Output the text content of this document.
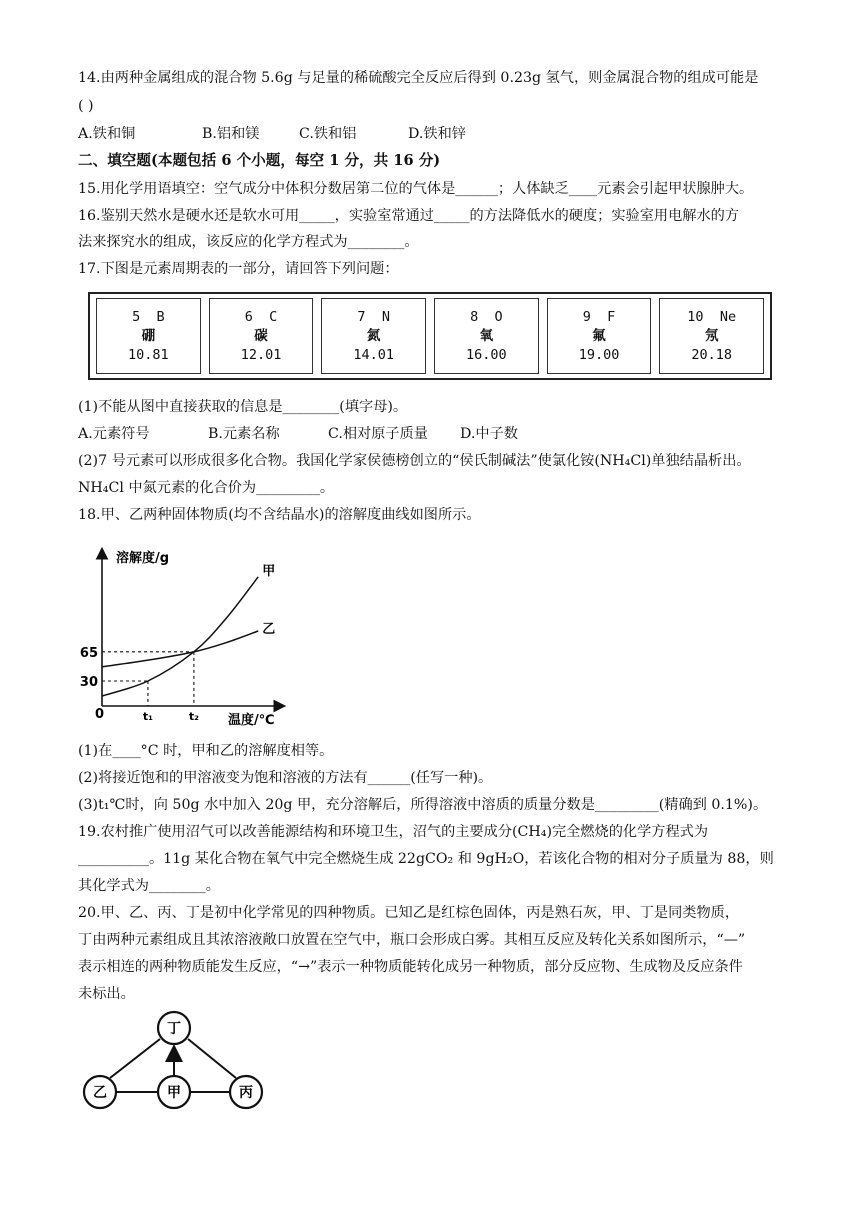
14.由两种金属组成的混合物 5.6g 与足量的稀硫酸完全反应后得到 0.23g 氢气，则金属混合物的组成可能是
( )
A.铁和铜	B.铝和镁	C.铁和铝	D.铁和锌
二、填空题(本题包括 6 个小题，每空 1 分，共 16 分)
15.用化学用语填空：空气成分中体积分数居第二位的气体是______；人体缺乏____元素会引起甲状腺肿大。
16.鉴别天然水是硬水还是软水可用_____，实验室常通过_____的方法降低水的硬度；实验室用电解水的方
法来探究水的组成，该反应的化学方程式为________。
17.下图是元素周期表的一部分，请回答下列问题：
5 B
硼
10.81
6 C
碳
12.01
7 N
氮
14.01
8 O
氧
16.00
9 F
氟
19.00
10 Ne
氖
20.18
(1)不能从图中直接获取的信息是________(填字母)。
A.元素符号	B.元素名称	C.相对原子质量 D.中子数
(2)7 号元素可以形成很多化合物。我国化学家侯德榜创立的“侯氏制碱法”使氯化铵(NH₄Cl)单独结晶析出。
NH₄Cl 中氮元素的化合价为_________。
18.甲、乙两种固体物质(均不含结晶水)的溶解度曲线如图所示。
溶解度/g
温度/℃
0
甲
乙
30
65
t₁	t₂
(1)在____°C 时，甲和乙的溶解度相等。
(2)将接近饱和的甲溶液变为饱和溶液的方法有______(任写一种)。
(3)t₁℃时，向 50g 水中加入 20g 甲，充分溶解后，所得溶液中溶质的质量分数是_________(精确到 0.1%)。
19.农村推广使用沼气可以改善能源结构和环境卫生，沼气的主要成分(CH₄)完全燃烧的化学方程式为
__________。11g 某化合物在氧气中完全燃烧生成 22gCO₂ 和 9gH₂O，若该化合物的相对分子质量为 88，则
其化学式为________。
20.甲、乙、丙、丁是初中化学常见的四种物质。已知乙是红棕色固体，丙是熟石灰，甲、丁是同类物质，
丁由两种元素组成且其浓溶液敞口放置在空气中，瓶口会形成白雾。其相互反应及转化关系如图所示，“—”
表示相连的两种物质能发生反应，“→”表示一种物质能转化成另一种物质，部分反应物、生成物及反应条件
未标出。
丁
乙	甲	丙
